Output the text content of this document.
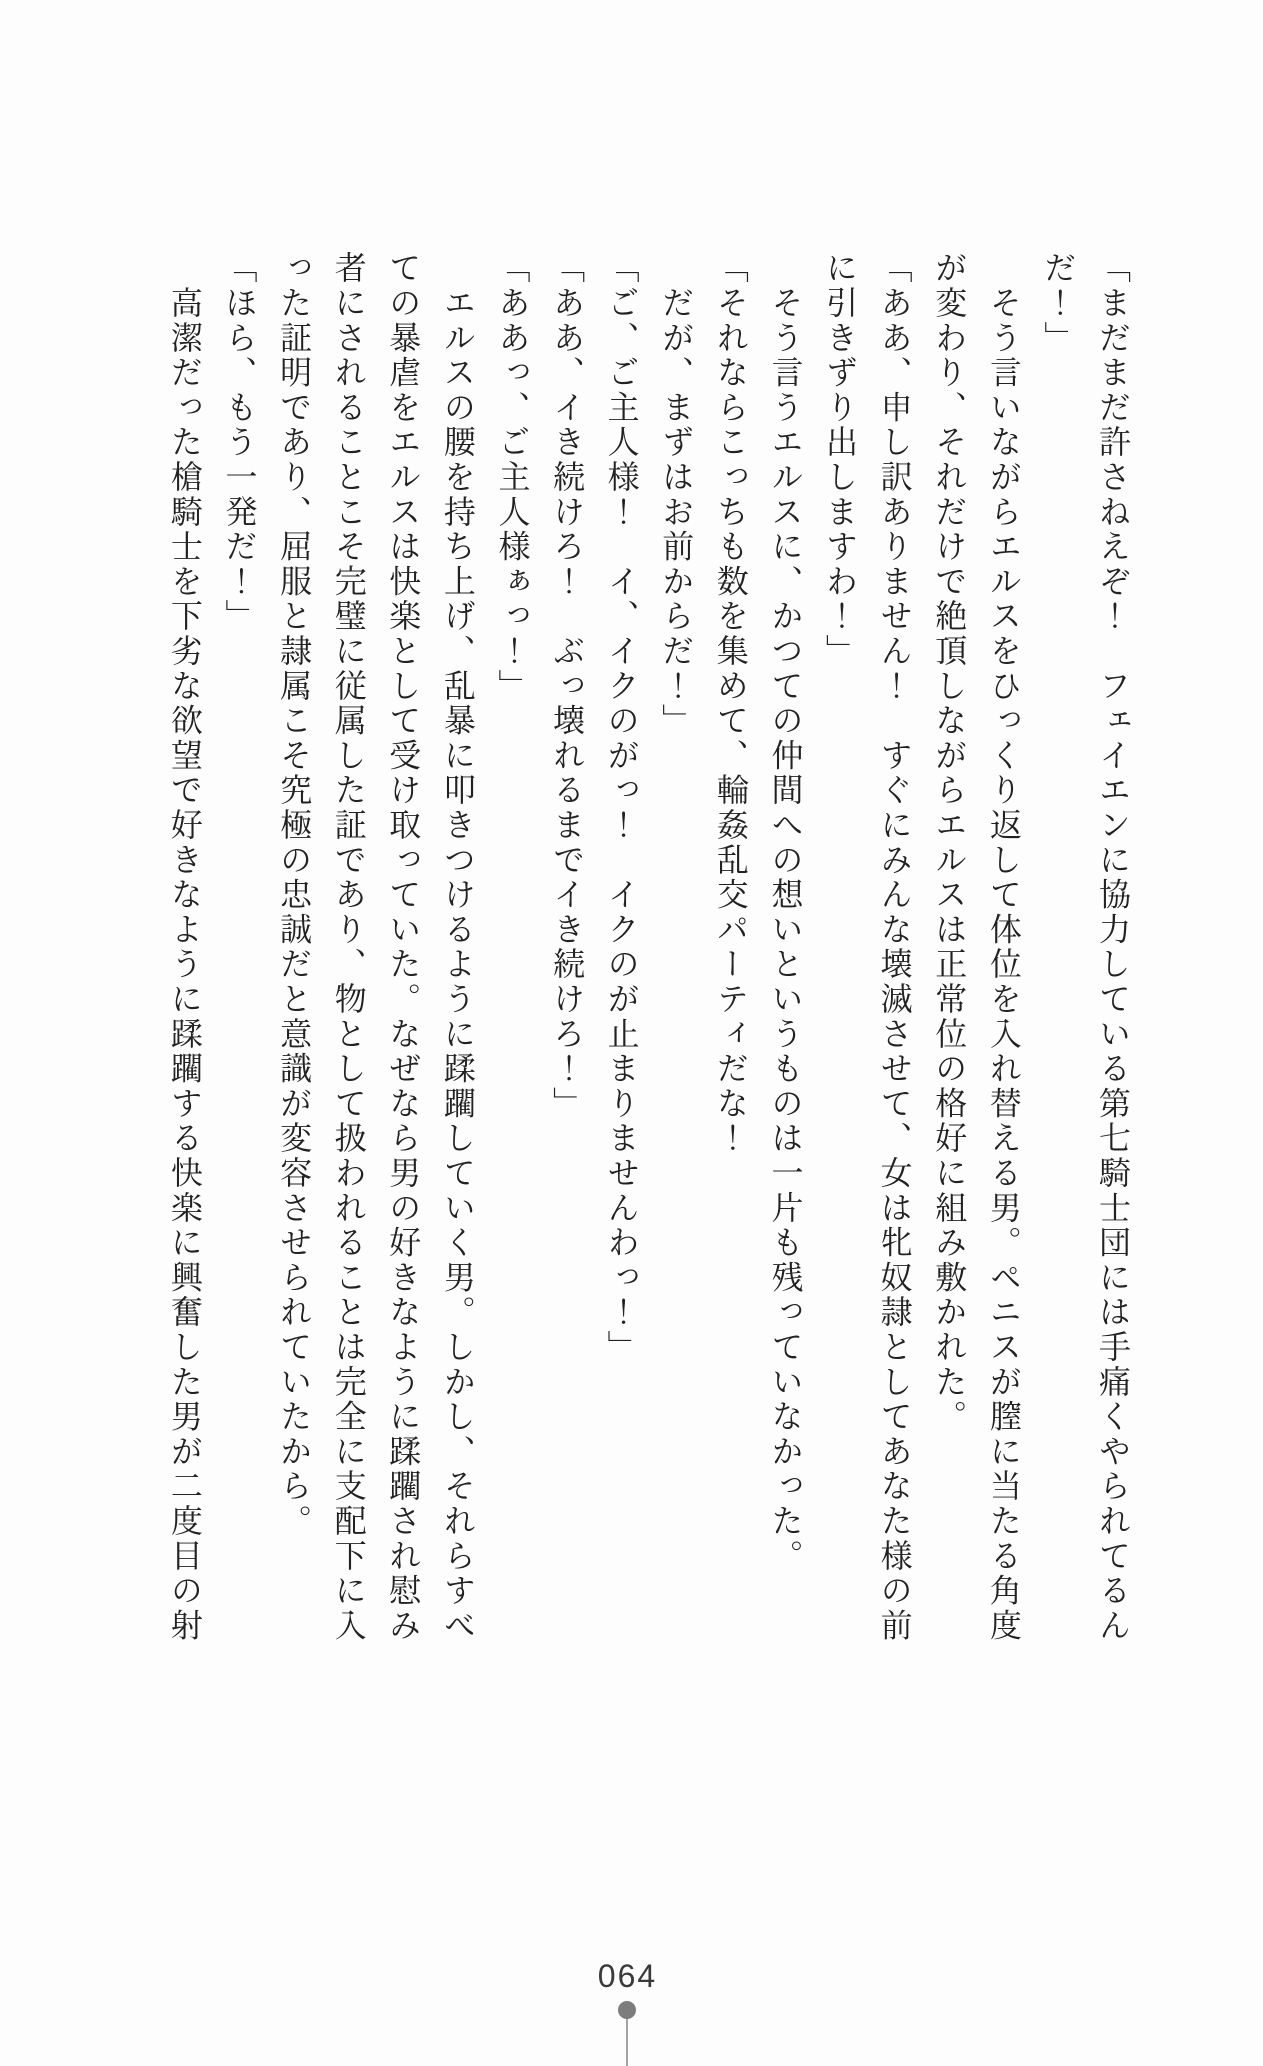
「まだまだ許さねえぞ！　フェイエンに協力している第七騎士団には手痛くやられてるん

だ！」

　そう言いながらエルスをひっくり返して体位を入れ替える男。ペニスが膣に当たる角度

が変わり、それだけで絶頂しながらエルスは正常位の格好に組み敷かれた。

「ああ、申し訳ありません！　すぐにみんな壊滅させて、女は牝奴隷としてあなた様の前

に引きずり出しますわ！」

　そう言うエルスに、かつての仲間への想いというものは一片も残っていなかった。

「それならこっちも数を集めて、輪姦乱交パーティだな！

　だが、まずはお前からだ！」

「ご、ご主人様！　イ、イクのがっ！　イクのが止まりませんわっ！」

「ああ、イき続けろ！　ぶっ壊れるまでイき続けろ！」

「ああっ、ご主人様ぁっ！」

　エルスの腰を持ち上げ、乱暴に叩きつけるように蹂躙していく男。しかし、それらすべ

ての暴虐をエルスは快楽として受け取っていた。なぜなら男の好きなように蹂躙され慰み

者にされることこそ完璧に従属した証であり、物として扱われることは完全に支配下に入

った証明であり、屈服と隷属こそ究極の忠誠だと意識が変容させられていたから。

「ほら、もう一発だ！」

　高潔だった槍騎士を下劣な欲望で好きなように蹂躙する快楽に興奮した男が二度目の射

064
